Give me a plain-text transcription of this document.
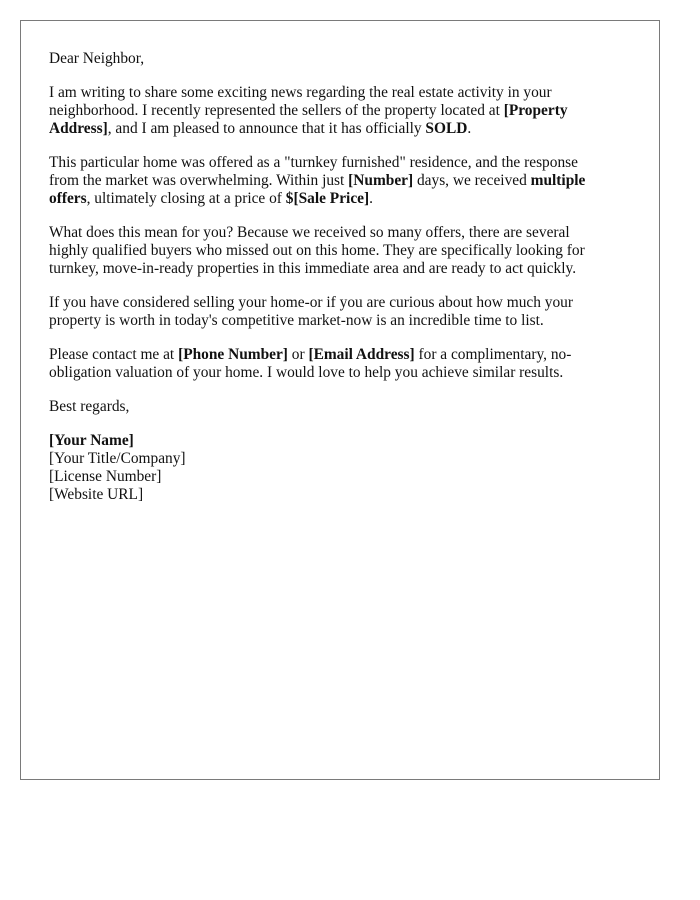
Dear Neighbor,

I am writing to share some exciting news regarding the real estate activity in your neighborhood. I recently represented the sellers of the property located at [Property Address], and I am pleased to announce that it has officially SOLD.

This particular home was offered as a "turnkey furnished" residence, and the response from the market was overwhelming. Within just [Number] days, we received multiple offers, ultimately closing at a price of $[Sale Price].

What does this mean for you? Because we received so many offers, there are several highly qualified buyers who missed out on this home. They are specifically looking for turnkey, move-in-ready properties in this immediate area and are ready to act quickly.

If you have considered selling your home-or if you are curious about how much your property is worth in today's competitive market-now is an incredible time to list.

Please contact me at [Phone Number] or [Email Address] for a complimentary, no-obligation valuation of your home. I would love to help you achieve similar results.

Best regards,

[Your Name]
[Your Title/Company]
[License Number]
[Website URL]
